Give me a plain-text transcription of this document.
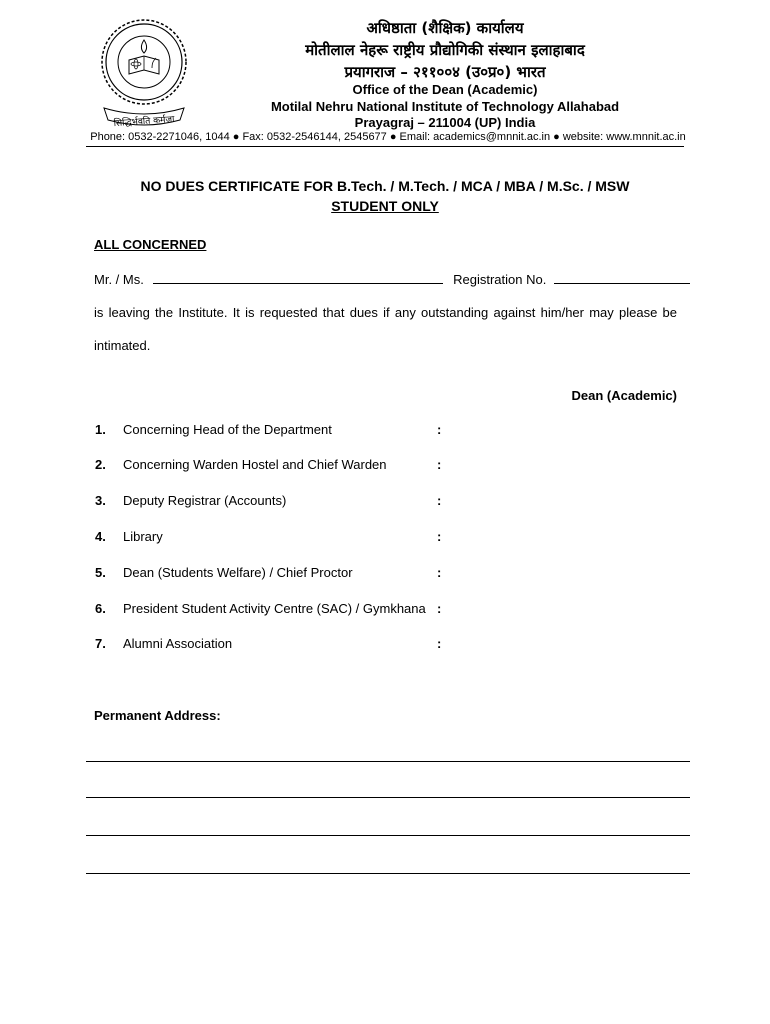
सिद्धिर्भवति कर्मजा
अधिष्ठाता (शैक्षिक) कार्यालय
मोतीलाल नेहरू राष्ट्रीय प्रौद्योगिकी संस्थान इलाहाबाद
प्रयागराज – २११००४ (उ०प्र०) भारत
Office of the Dean (Academic)
Motilal Nehru National Institute of Technology Allahabad
Prayagraj – 211004 (UP) India
Phone: 0532-2271046, 1044 ● Fax: 0532-2546144, 2545677 ● Email: academics@mnnit.ac.in ● website: www.mnnit.ac.in
NO DUES CERTIFICATE FOR B.Tech. / M.Tech. / MCA / MBA / M.Sc. / MSW
STUDENT ONLY
ALL CONCERNED
Mr. / Ms.	Registration No.
is leaving the Institute. It is requested that dues if any outstanding against him/her may please be
intimated.
Dean (Academic)
1. Concerning Head of the Department	:
2. Concerning Warden Hostel and Chief Warden	:
3. Deputy Registrar (Accounts)	:
4. Library	:
5. Dean (Students Welfare) / Chief Proctor	:
6. President Student Activity Centre (SAC) / Gymkhana :
7. Alumni Association	:
Permanent Address:
